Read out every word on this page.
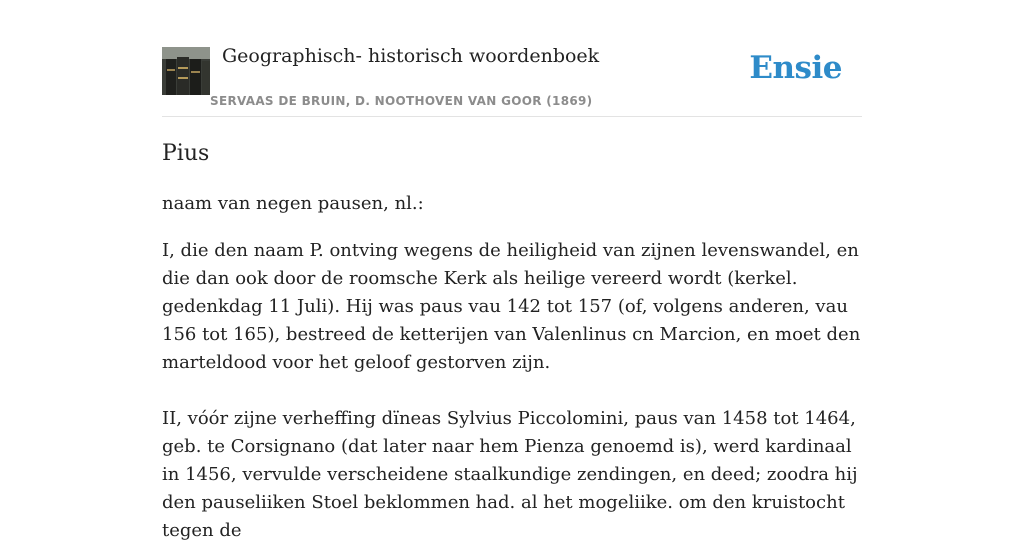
Geographisch- historisch woordenboek
SERVAAS DE BRUIN, D. NOOTHOVEN VAN GOOR (1869)
Ensie
Pius

naam van negen pausen, nl.:

I, die den naam P. ontving wegens de heiligheid van zijnen levenswandel, en die dan ook door de roomsche Kerk als heilige vereerd wordt (kerkel. gedenkdag 11 Juli). Hij was paus vau 142 tot 157 (of, volgens anderen, vau 156 tot 165), bestreed de ketterijen van Valenlinus cn Marcion, en moet den marteldood voor het geloof gestorven zijn.

II, vóór zijne verheffing dïneas Sylvius Piccolomini, paus van 1458 tot 1464, geb. te Corsignano (dat later naar hem Pienza genoemd is), werd kardinaal in 1456, vervulde verscheidene staalkundige zendingen, en deed; zoodra hij den pauseliiken Stoel beklommen had. al het mogeliike. om den kruistocht tegen de
